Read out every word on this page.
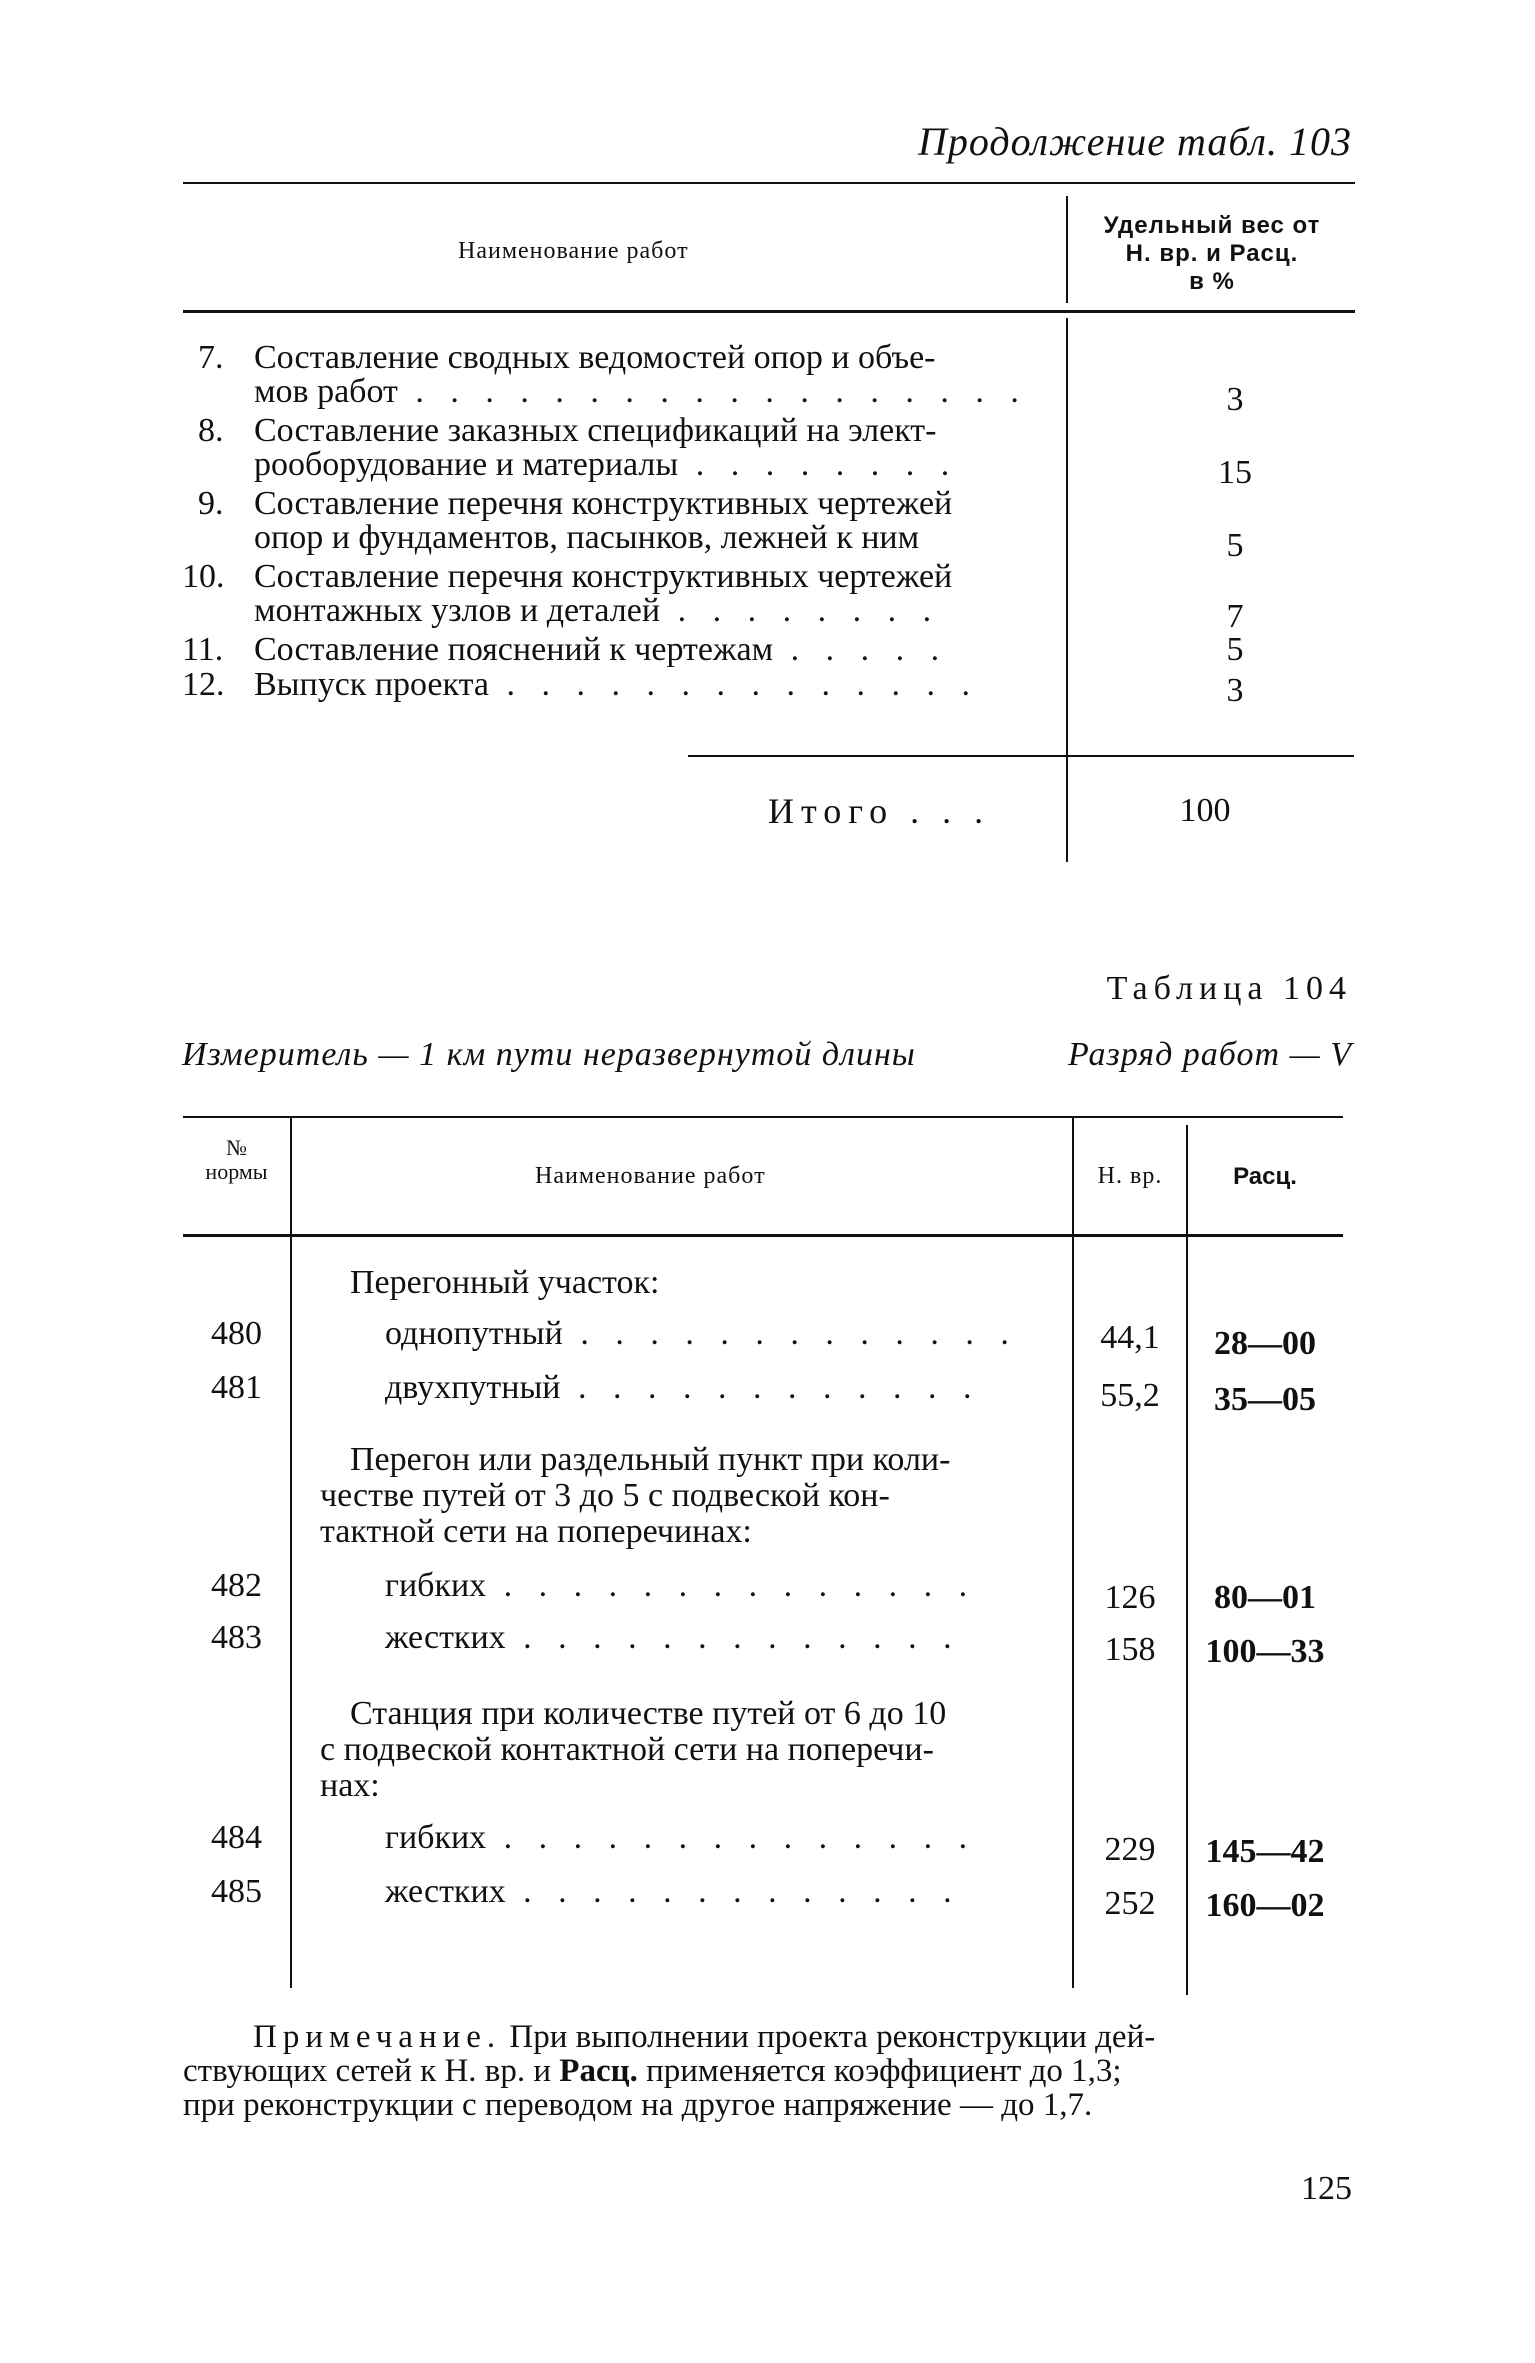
Продолжение табл. 103
Наименование работ
Удельный вес от
Н. вр. и Расц.
в %
7. Составление сводных ведомостей опор и объе-
мов работ . . . . . . . . . . . . . . . . . .	3
8. Составление заказных спецификаций на элект-
рооборудование и материалы . . . . . . . .	15
9. Составление перечня конструктивных чертежей
опор и фундаментов, пасынков, лежней к ним	5
10. Составление перечня конструктивных чертежей
монтажных узлов и деталей . . . . . . . .	7
11. Составление пояснений к чертежам . . . . .	5
12. Выпуск проекта . . . . . . . . . . . . . .	3
Итого . . .	100
Таблица 104
Измеритель — 1 км пути неразвернутой длины	Разряд работ — V
№
нормы	Наименование работ	Н. вр.	Расц.
Перегонный участок:
480	однопутный . . . . . . . . . . . . .	44,1	28—00
481	двухпутный . . . . . . . . . . . .	55,2	35—05
Перегон или раздельный пункт при коли-
честве путей от 3 до 5 с подвеской кон-
тактной сети на поперечинах:
482	гибких . . . . . . . . . . . . . .	126	80—01
483	жестких . . . . . . . . . . . . .	158	100—33
Станция при количестве путей от 6 до 10
с подвеской контактной сети на поперечи-
нах:
484	гибких . . . . . . . . . . . . . .	229	145—42
485	жестких . . . . . . . . . . . . .	252	160—02
Примечание. При выполнении проекта реконструкции дей-
ствующих сетей к Н. вр. и Расц. применяется коэффициент до 1,3;
при реконструкции с переводом на другое напряжение — до 1,7.
125
